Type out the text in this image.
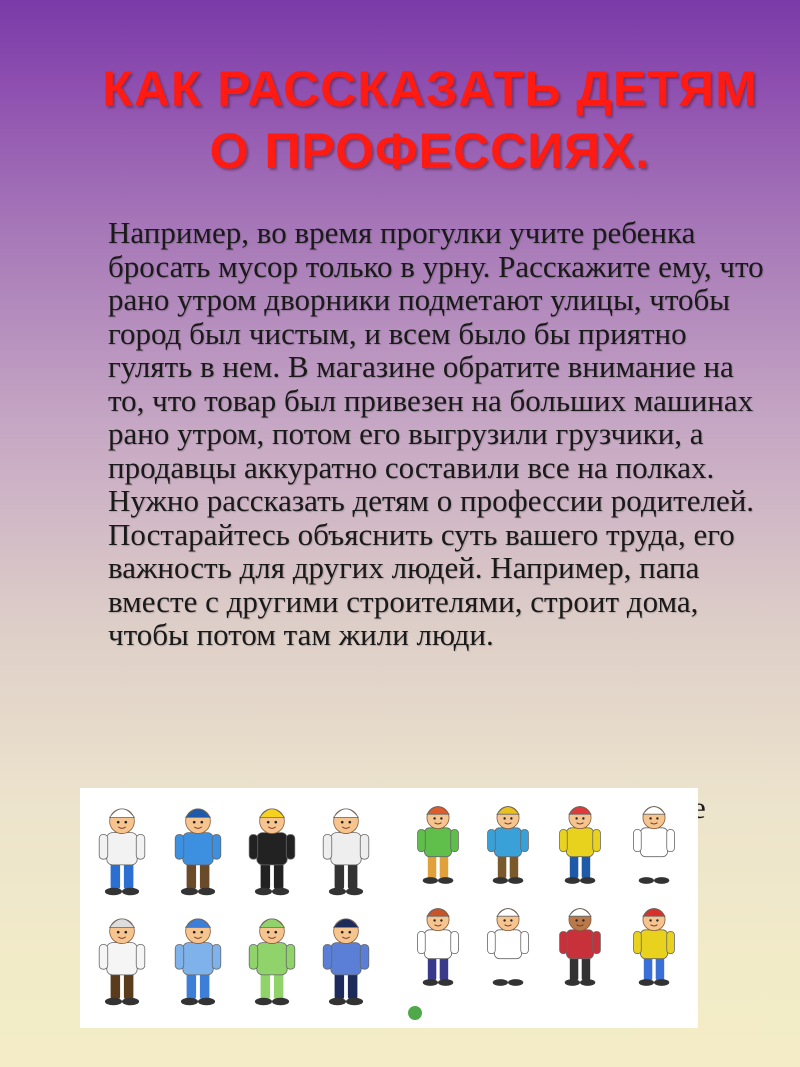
КАК РАССКАЗАТЬ ДЕТЯМ
О ПРОФЕССИЯХ.

Например, во время прогулки учите ребенка бросать мусор только в урну. Расскажите ему, что рано утром дворники подметают улицы, чтобы город был чистым, и всем было бы приятно гулять в нем. В магазине обратите внимание на то, что товар был привезен на больших машинах рано утром, потом его выгрузили грузчики, а продавцы аккуратно составили все на полках. Нужно рассказать детям о профессии родителей. Постарайтесь объяснить суть вашего труда, его важность для других людей. Например, папа вместе с другими строителями, строит дома, чтобы потом там жили люди.

е
